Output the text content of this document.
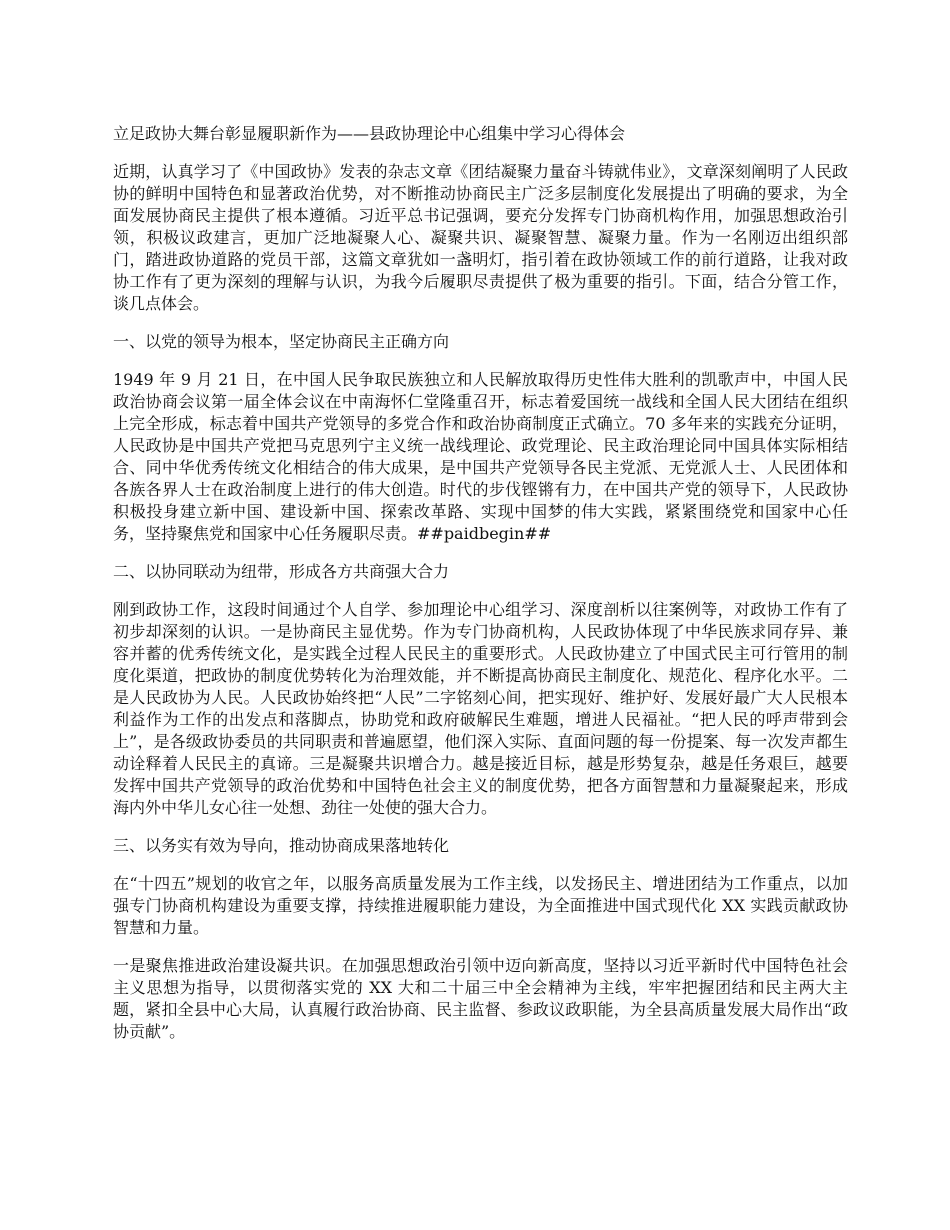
立足政协大舞台彰显履职新作为——县政协理论中心组集中学习心得体会

近期，认真学习了《中国政协》发表的杂志文章《团结凝聚力量奋斗铸就伟业》，文章深刻阐明了人民政协的鲜明中国特色和显著政治优势，对不断推动协商民主广泛多层制度化发展提出了明确的要求，为全面发展协商民主提供了根本遵循。习近平总书记强调，要充分发挥专门协商机构作用，加强思想政治引领，积极议政建言，更加广泛地凝聚人心、凝聚共识、凝聚智慧、凝聚力量。作为一名刚迈出组织部门，踏进政协道路的党员干部，这篇文章犹如一盏明灯，指引着在政协领域工作的前行道路，让我对政协工作有了更为深刻的理解与认识，为我今后履职尽责提供了极为重要的指引。下面，结合分管工作，谈几点体会。

一、以党的领导为根本，坚定协商民主正确方向

1949 年 9 月 21 日，在中国人民争取民族独立和人民解放取得历史性伟大胜利的凯歌声中，中国人民政治协商会议第一届全体会议在中南海怀仁堂隆重召开，标志着爱国统一战线和全国人民大团结在组织上完全形成，标志着中国共产党领导的多党合作和政治协商制度正式确立。70 多年来的实践充分证明，人民政协是中国共产党把马克思列宁主义统一战线理论、政党理论、民主政治理论同中国具体实际相结合、同中华优秀传统文化相结合的伟大成果，是中国共产党领导各民主党派、无党派人士、人民团体和各族各界人士在政治制度上进行的伟大创造。时代的步伐铿锵有力，在中国共产党的领导下，人民政协积极投身建立新中国、建设新中国、探索改革路、实现中国梦的伟大实践，紧紧围绕党和国家中心任务，坚持聚焦党和国家中心任务履职尽责。##paidbegin##

二、以协同联动为纽带，形成各方共商强大合力

刚到政协工作，这段时间通过个人自学、参加理论中心组学习、深度剖析以往案例等，对政协工作有了初步却深刻的认识。一是协商民主显优势。作为专门协商机构，人民政协体现了中华民族求同存异、兼容并蓄的优秀传统文化，是实践全过程人民民主的重要形式。人民政协建立了中国式民主可行管用的制度化渠道，把政协的制度优势转化为治理效能，并不断提高协商民主制度化、规范化、程序化水平。二是人民政协为人民。人民政协始终把“人民”二字铭刻心间，把实现好、维护好、发展好最广大人民根本利益作为工作的出发点和落脚点，协助党和政府破解民生难题，增进人民福祉。“把人民的呼声带到会上”，是各级政协委员的共同职责和普遍愿望，他们深入实际、直面问题的每一份提案、每一次发声都生动诠释着人民民主的真谛。三是凝聚共识增合力。越是接近目标，越是形势复杂，越是任务艰巨，越要发挥中国共产党领导的政治优势和中国特色社会主义的制度优势，把各方面智慧和力量凝聚起来，形成海内外中华儿女心往一处想、劲往一处使的强大合力。

三、以务实有效为导向，推动协商成果落地转化

在“十四五”规划的收官之年，以服务高质量发展为工作主线，以发扬民主、增进团结为工作重点，以加强专门协商机构建设为重要支撑，持续推进履职能力建设，为全面推进中国式现代化 XX 实践贡献政协智慧和力量。

一是聚焦推进政治建设凝共识。在加强思想政治引领中迈向新高度，坚持以习近平新时代中国特色社会主义思想为指导，以贯彻落实党的 XX 大和二十届三中全会精神为主线，牢牢把握团结和民主两大主题，紧扣全县中心大局，认真履行政治协商、民主监督、参政议政职能，为全县高质量发展大局作出“政协贡献”。
